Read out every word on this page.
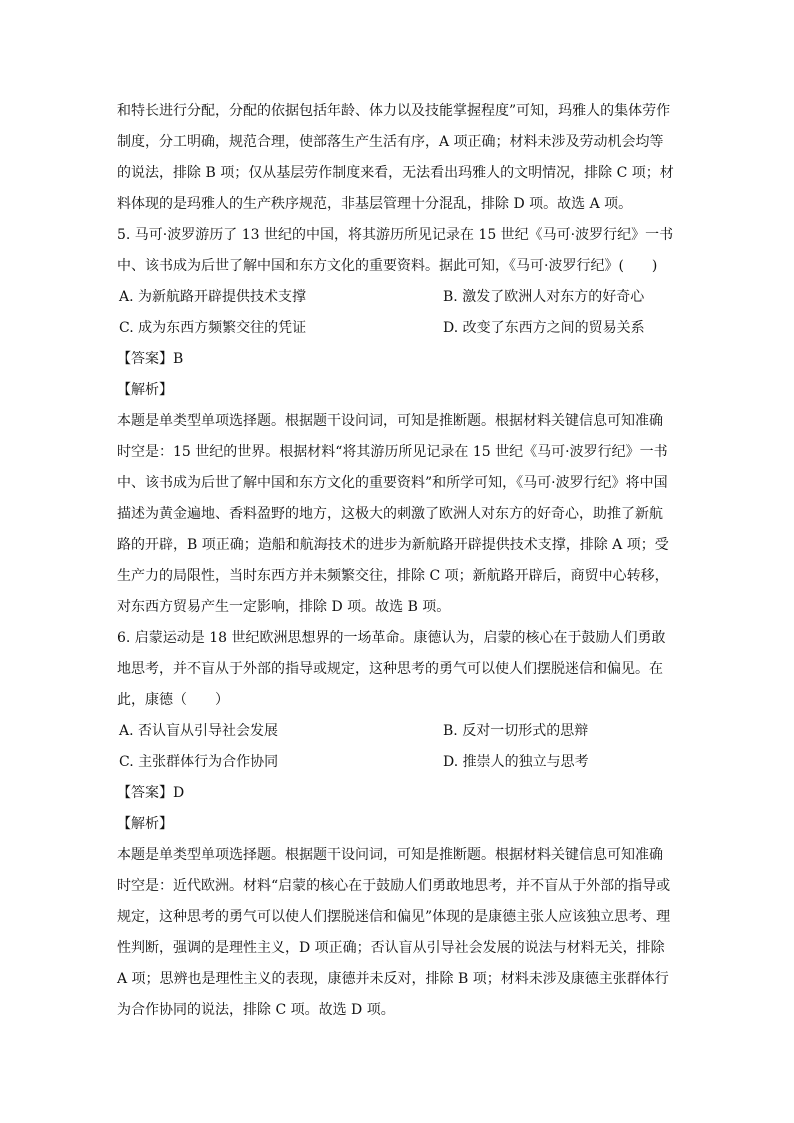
和特长进行分配，分配的依据包括年龄、体力以及技能掌握程度”可知，玛雅人的集体劳作
制度，分工明确，规范合理，使部落生产生活有序，A 项正确；材料未涉及劳动机会均等
的说法，排除 B 项；仅从基层劳作制度来看，无法看出玛雅人的文明情况，排除 C 项；材
料体现的是玛雅人的生产秩序规范，非基层管理十分混乱，排除 D 项。故选 A 项。
5. 马可·波罗游历了 13 世纪的中国，将其游历所见记录在 15 世纪《马可·波罗行纪》一书
中、该书成为后世了解中国和东方文化的重要资料。据此可知，《马可·波罗行纪》(　　)
A. 为新航路开辟提供技术支撑	B. 激发了欧洲人对东方的好奇心
C. 成为东西方频繁交往的凭证	D. 改变了东西方之间的贸易关系
【答案】B
【解析】
本题是单类型单项选择题。根据题干设问词，可知是推断题。根据材料关键信息可知准确
时空是：15 世纪的世界。根据材料“将其游历所见记录在 15 世纪《马可·波罗行纪》一书
中、该书成为后世了解中国和东方文化的重要资料”和所学可知，《马可·波罗行纪》将中国
描述为黄金遍地、香料盈野的地方，这极大的刺激了欧洲人对东方的好奇心，助推了新航
路的开辟，B 项正确；造船和航海技术的进步为新航路开辟提供技术支撑，排除 A 项；受
生产力的局限性，当时东西方并未频繁交往，排除 C 项；新航路开辟后，商贸中心转移，
对东西方贸易产生一定影响，排除 D 项。故选 B 项。
6. 启蒙运动是 18 世纪欧洲思想界的一场革命。康德认为，启蒙的核心在于鼓励人们勇敢
地思考，并不盲从于外部的指导或规定，这种思考的勇气可以使人们摆脱迷信和偏见。在
此，康德（　　）
A. 否认盲从引导社会发展	B. 反对一切形式的思辩
C. 主张群体行为合作协同	D. 推崇人的独立与思考
【答案】D
【解析】
本题是单类型单项选择题。根据题干设问词，可知是推断题。根据材料关键信息可知准确
时空是：近代欧洲。材料“启蒙的核心在于鼓励人们勇敢地思考，并不盲从于外部的指导或
规定，这种思考的勇气可以使人们摆脱迷信和偏见”体现的是康德主张人应该独立思考、理
性判断，强调的是理性主义，D 项正确；否认盲从引导社会发展的说法与材料无关，排除
A 项；思辨也是理性主义的表现，康德并未反对，排除 B 项；材料未涉及康德主张群体行
为合作协同的说法，排除 C 项。故选 D 项。
